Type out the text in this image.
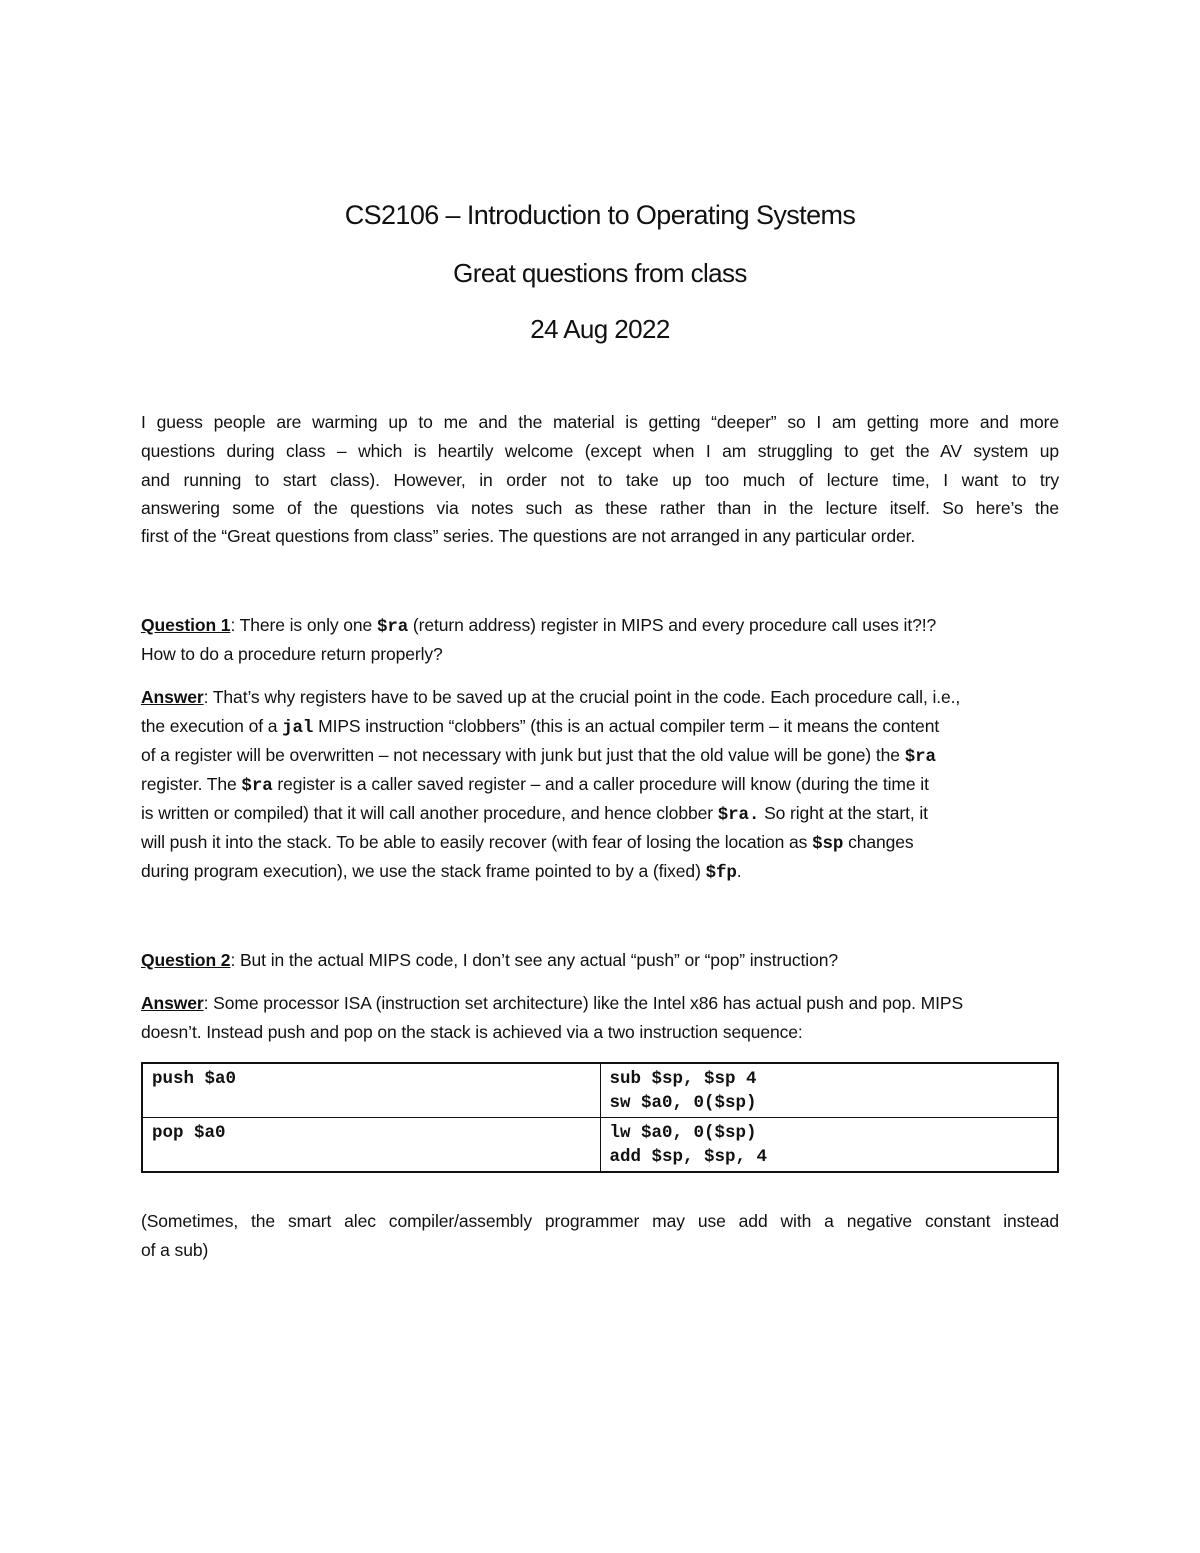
CS2106 – Introduction to Operating Systems
Great questions from class
24 Aug 2022
I guess people are warming up to me and the material is getting “deeper” so I am getting more and more
questions during class – which is heartily welcome (except when I am struggling to get the AV system up
and running to start class). However, in order not to take up too much of lecture time, I want to try
answering some of the questions via notes such as these rather than in the lecture itself. So here’s the
first of the “Great questions from class” series. The questions are not arranged in any particular order.
Question 1: There is only one $ra (return address) register in MIPS and every procedure call uses it?!?
How to do a procedure return properly?
Answer: That’s why registers have to be saved up at the crucial point in the code. Each procedure call, i.e.,
the execution of a jal MIPS instruction “clobbers” (this is an actual compiler term – it means the content
of a register will be overwritten – not necessary with junk but just that the old value will be gone) the $ra
register. The $ra register is a caller saved register – and a caller procedure will know (during the time it
is written or compiled) that it will call another procedure, and hence clobber $ra. So right at the start, it
will push it into the stack. To be able to easily recover (with fear of losing the location as $sp changes
during program execution), we use the stack frame pointed to by a (fixed) $fp.
Question 2: But in the actual MIPS code, I don’t see any actual “push” or “pop” instruction?
Answer: Some processor ISA (instruction set architecture) like the Intel x86 has actual push and pop. MIPS
doesn’t. Instead push and pop on the stack is achieved via a two instruction sequence:
push $a0	sub $sp, $sp 4
sw $a0, 0($sp)

pop $a0	lw $a0, 0($sp)
add $sp, $sp, 4
(Sometimes, the smart alec compiler/assembly programmer may use add with a negative constant instead
of a sub)
